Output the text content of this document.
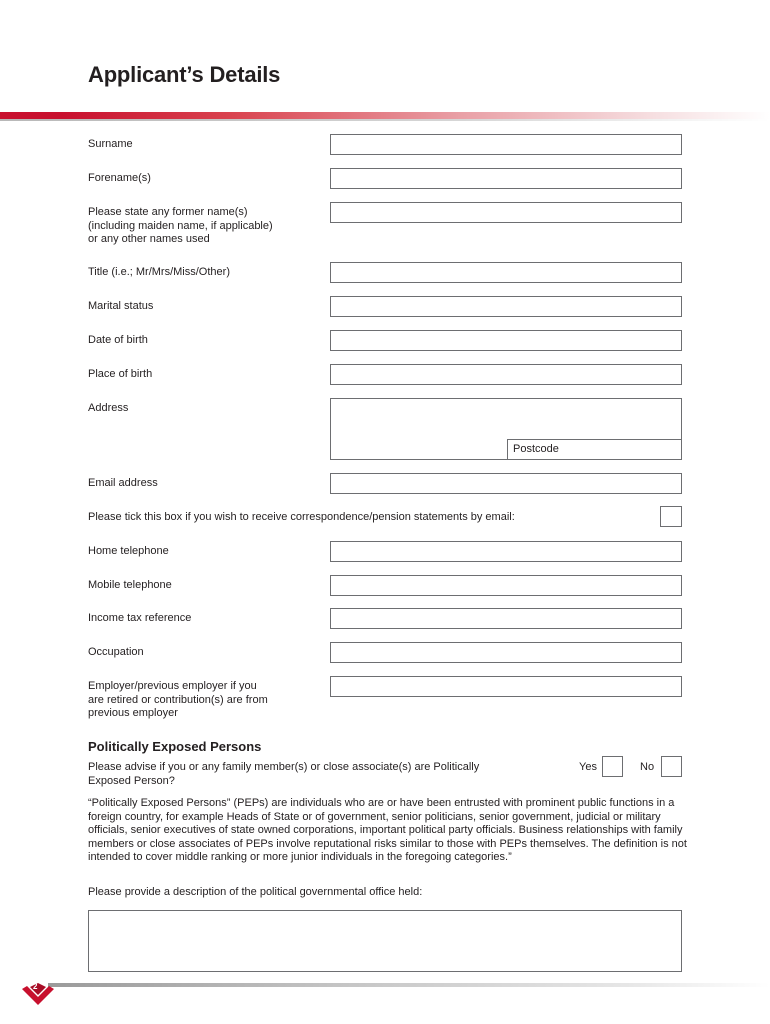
Applicant’s Details
Surname
Forename(s)
Please state any former name(s)
(including maiden name, if applicable)
or any other names used
Title (i.e.; Mr/Mrs/Miss/Other)
Marital status
Date of birth
Place of birth
Address
Postcode
Email address
Please tick this box if you wish to receive correspondence/pension statements by email:
Home telephone
Mobile telephone
Income tax reference
Occupation
Employer/previous employer if you
are retired or contribution(s) are from
previous employer
Politically Exposed Persons
Please advise if you or any family member(s) or close associate(s) are Politically Exposed Person?
Yes	No
“Politically Exposed Persons” (PEPs) are individuals who are or have been entrusted with prominent public functions in a foreign country, for example Heads of State or of government, senior politicians, senior government, judicial or military officials, senior executives of state owned corporations, important political party officials. Business relationships with family members or close associates of PEPs involve reputational risks similar to those with PEPs themselves. The definition is not intended to cover middle ranking or more junior individuals in the foregoing categories.”
Please provide a description of the political governmental office held:
2
